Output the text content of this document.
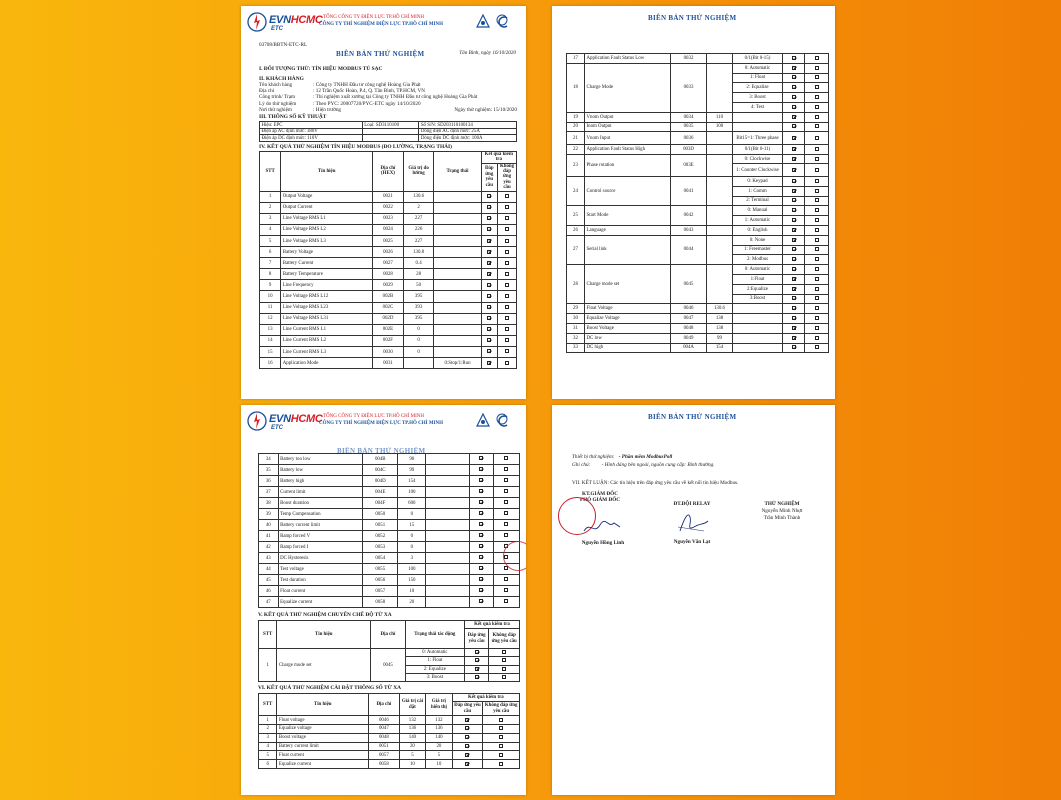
EVNHCMC
ETC
TỔNG CÔNG TY ĐIỆN LỰC TP.HỒ CHÍ MINH
CÔNG TY THÍ NGHIỆM ĐIỆN LỰC TP.HỒ CHÍ MINH
03708/BBTN-ETC-RL
BIÊN BẢN THỬ NGHIỆM	Tân Bình, ngày 16/10/2020
I. ĐỐI TƯỢNG THỬ: TÍN HIỆU MODBUS TỦ SẠC
II. KHÁCH HÀNG
Tên khách hàng	: Công ty TNHH Đầu tư công nghệ Hoàng Gia Phát
Địa chỉ	: 12 Trần Quốc Hoàn, P.4, Q. Tân Bình, TP.HCM, VN
Công trình/ Trạm	: Thí nghiệm xuất xưởng tại Công ty TNHH Đầu tư công nghệ Hoàng Gia Phát
Lý do thử nghiệm	: Theo PYC: 20007720/PYC-ETC ngày 14/10/2020
Nơi thử nghiệm	: Hiện trường	Ngày thử nghiệm: 15/10/2020
III. THÔNG SỐ KỸ THUẬT
Hiệu: EPC	Loại: SD3110100	Số S/N: SD203110100134
Điện áp AC định mức: 380V		Dòng điện AC định mức: 25A
Điện áp DC định mức: 110V		Dòng điện DC định mức: 100A
IV. KẾT QUẢ THỬ NGHIỆM TÍN HIỆU MODBUS (ĐO LƯỜNG, TRẠNG THÁI)
STT	Tín hiệu	Địa chỉ (HEX)	Giá trị đo lường	Trạng thái	Kết quả kiểm tra	
					Đáp ứng yêu cầu	Không đáp ứng yêu cầu
1	Output Voltage	0021	130.6			
2	Output Current	0022	2			
3	Line Voltage RMS L1	0023	227			
4	Line Voltage RMS L2	0024	226			
5	Line Voltage RMS L3	0025	227			
6	Battery Voltage	0026	130.8			
7	Battery Current	0027	0.4			
8	Battery Temperature	0028	28			
9	Line Frequency	0029	50			
10	Line Voltage RMS L12	002B	395			
11	Line Voltage RMS L23	002C	393			
12	Line Voltage RMS L31	002D	395			
13	Line Current RMS L1	002E	0			
14	Line Current RMS L2	002F	0			
15	Line Current RMS L3	0030	0			
16	Application Mode	0031		0:Stop/1:Run		
BIÊN BẢN THỬ NGHIỆM
17	Application Fault Status Low	0032		0/1(Bit 0-15)		
18	Charge Mode	0033		0: Automatic		
				1: Float		
				2: Equalize		
				3: Boost		
				4: Test		
19	Vnom Output	0034	110			
20	Inom Output	0035	100			
21	Vnom Input	0036		Bit15=1: Three phase		
22	Application Fault Status High	003D		0/1(Bit 0-11)		
23	Phase rotation	003E		0: Clockwise		
				1: Counter Clockwise		
24	Control source	0041		0: Keypad		
				1: Comm		
				2: Terminal		
25	Start Mode	0042		0: Manual		
				1: Automatic		
26	Language	0043		0: English		
27	Serial link	0044		0: None		
				1: Freemaster		
				2: Modbus		
28	Charge mode set	0045		0: Automatic		
				1:Float		
				2:Equalize		
				3:Boost		
29	Float Voltage	0046	130.6			
30	Equalize Voltage	0047	138			
31	Boost Voltage	0048	138			
32	DC low	0049	99			
33	DC high	004A	154			
EVNHCMC
ETC
TỔNG CÔNG TY ĐIỆN LỰC TP.HỒ CHÍ MINH
CÔNG TY THÍ NGHIỆM ĐIỆN LỰC TP.HỒ CHÍ MINH
BIÊN BẢN THỬ NGHIỆM
34	Battery too low	004B	90			
35	Battery low	004C	99			
36	Battery high	004D	154			
37	Current limit	004E	100			
38	Boost duration	004F	600			
39	Temp Compensation	0050	0			
40	Battery current limit	0051	15			
41	Ramp forced V	0052	0			
42	Ramp forced I	0053	0			
43	DC Hysteresis	0054	3			
44	Test voltage	0055	100			
45	Test duration	0056	150			
46	Float current	0057	10			
47	Equalize current	0058	20			
V. KẾT QUẢ THỬ NGHIỆM CHUYỂN CHẾ ĐỘ TỪ XA
STT	Tín hiệu	Địa chỉ	Trạng thái tác động	Kết quả kiểm tra	
				Đáp ứng yêu cầu	Không đáp ứng yêu cầu
1	Charge mode set	0045	0: Automatic		
			1: Float		
			2: Equalize		
			3: Boost		
VI. KẾT QUẢ THỬ NGHIỆM CÀI ĐẶT THÔNG SỐ TỪ XA
STT	Tín hiệu	Địa chỉ	Giá trị cài đặt	Giá trị hiển thị	Kết quả kiểm tra	
					Đáp ứng yêu cầu	Không đáp ứng yêu cầu
1	Float voltage	0046	132	132		
2	Equalize voltage	0047	136	136		
3	Boost voltage	0048	140	140		
4	Battery current limit	0051	20	20		
5	Float current	0057	5	5		
6	Equalize current	0058	10	10		
BIÊN BẢN THỬ NGHIỆM
Thiết bị thử nghiệm: - Phần mềm ModbusPoll
Ghi chú: - Hình dáng bên ngoài, nguồn cung cấp: Bình thường.
VII. KẾT LUẬN: Các tín hiệu trên đáp ứng yêu cầu về kết nối tín hiệu Modbus.
KT.GIÁM ĐỐC
PHÓ GIÁM ĐỐC
Nguyễn Hồng Linh
ĐT.ĐỘI RELAY
Nguyễn Văn Lạt
THỬ NGHIỆM
Nguyễn Minh Nhựt
Trần Minh Thành
